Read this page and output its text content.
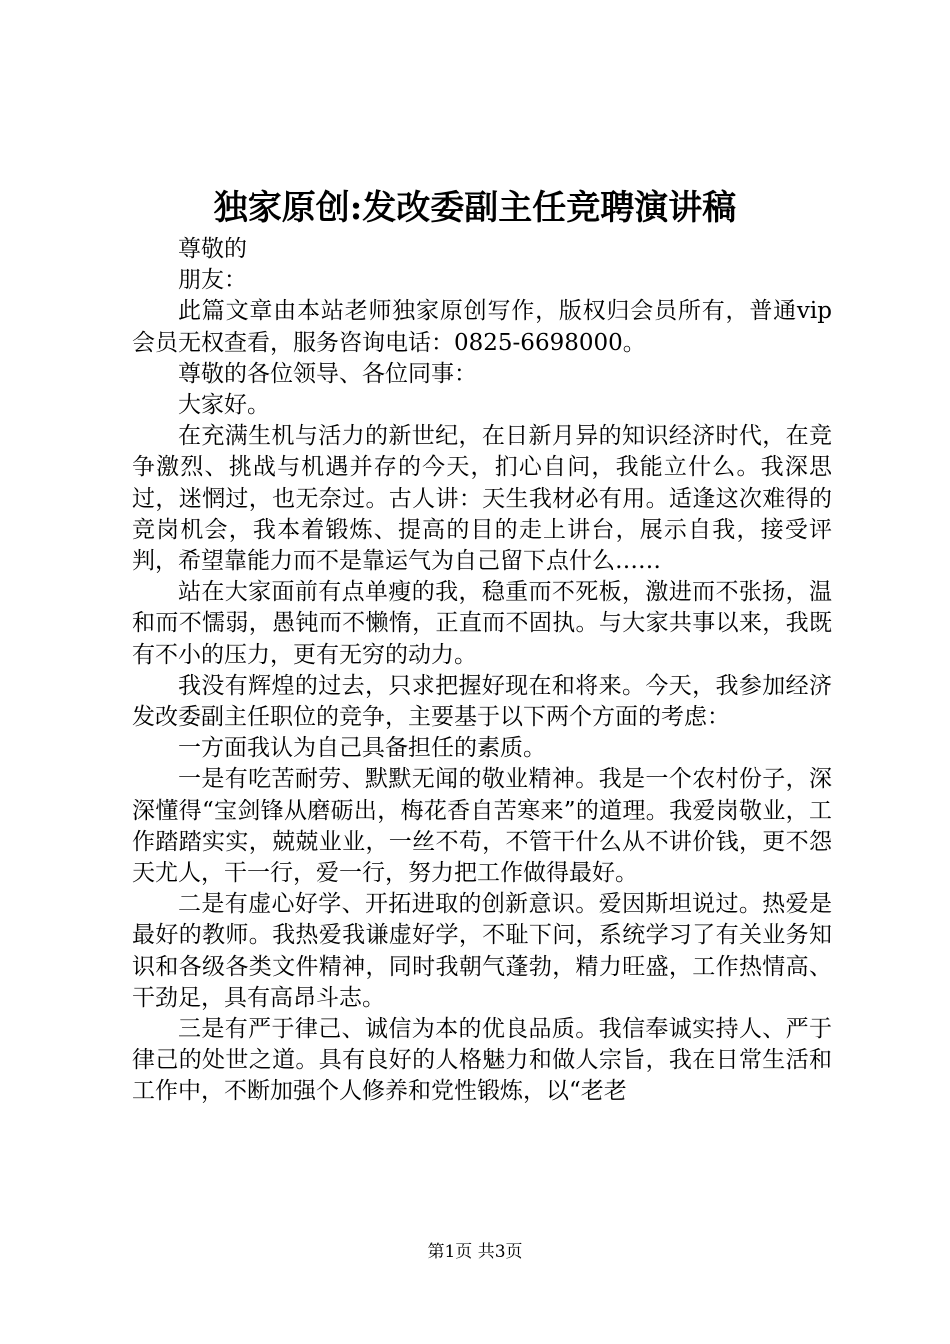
独家原创:发改委副主任竞聘演讲稿

尊敬的

朋友：

此篇文章由本站老师独家原创写作，版权归会员所有，普通vip会员无权查看，服务咨询电话：0825-6698000。

尊敬的各位领导、各位同事：

大家好。

在充满生机与活力的新世纪，在日新月异的知识经济时代，在竞争激烈、挑战与机遇并存的今天，扪心自问，我能立什么。我深思过，迷惘过，也无奈过。古人讲：天生我材必有用。适逢这次难得的竞岗机会，我本着锻炼、提高的目的走上讲台，展示自我，接受评判，希望靠能力而不是靠运气为自己留下点什么……

站在大家面前有点单瘦的我，稳重而不死板，激进而不张扬，温和而不懦弱，愚钝而不懒惰，正直而不固执。与大家共事以来，我既有不小的压力，更有无穷的动力。

我没有辉煌的过去，只求把握好现在和将来。今天，我参加经济发改委副主任职位的竞争，主要基于以下两个方面的考虑：

一方面我认为自己具备担任的素质。

一是有吃苦耐劳、默默无闻的敬业精神。我是一个农村份子，深深懂得“宝剑锋从磨砺出，梅花香自苦寒来”的道理。我爱岗敬业，工作踏踏实实，兢兢业业，一丝不苟，不管干什么从不讲价钱，更不怨天尤人，干一行，爱一行，努力把工作做得最好。

二是有虚心好学、开拓进取的创新意识。爱因斯坦说过。热爱是最好的教师。我热爱我谦虚好学，不耻下问，系统学习了有关业务知识和各级各类文件精神，同时我朝气蓬勃，精力旺盛，工作热情高、干劲足，具有高昂斗志。

三是有严于律己、诚信为本的优良品质。我信奉诚实持人、严于律己的处世之道。具有良好的人格魅力和做人宗旨，我在日常生活和工作中，不断加强个人修养和党性锻炼，以“老老

第1页 共3页
